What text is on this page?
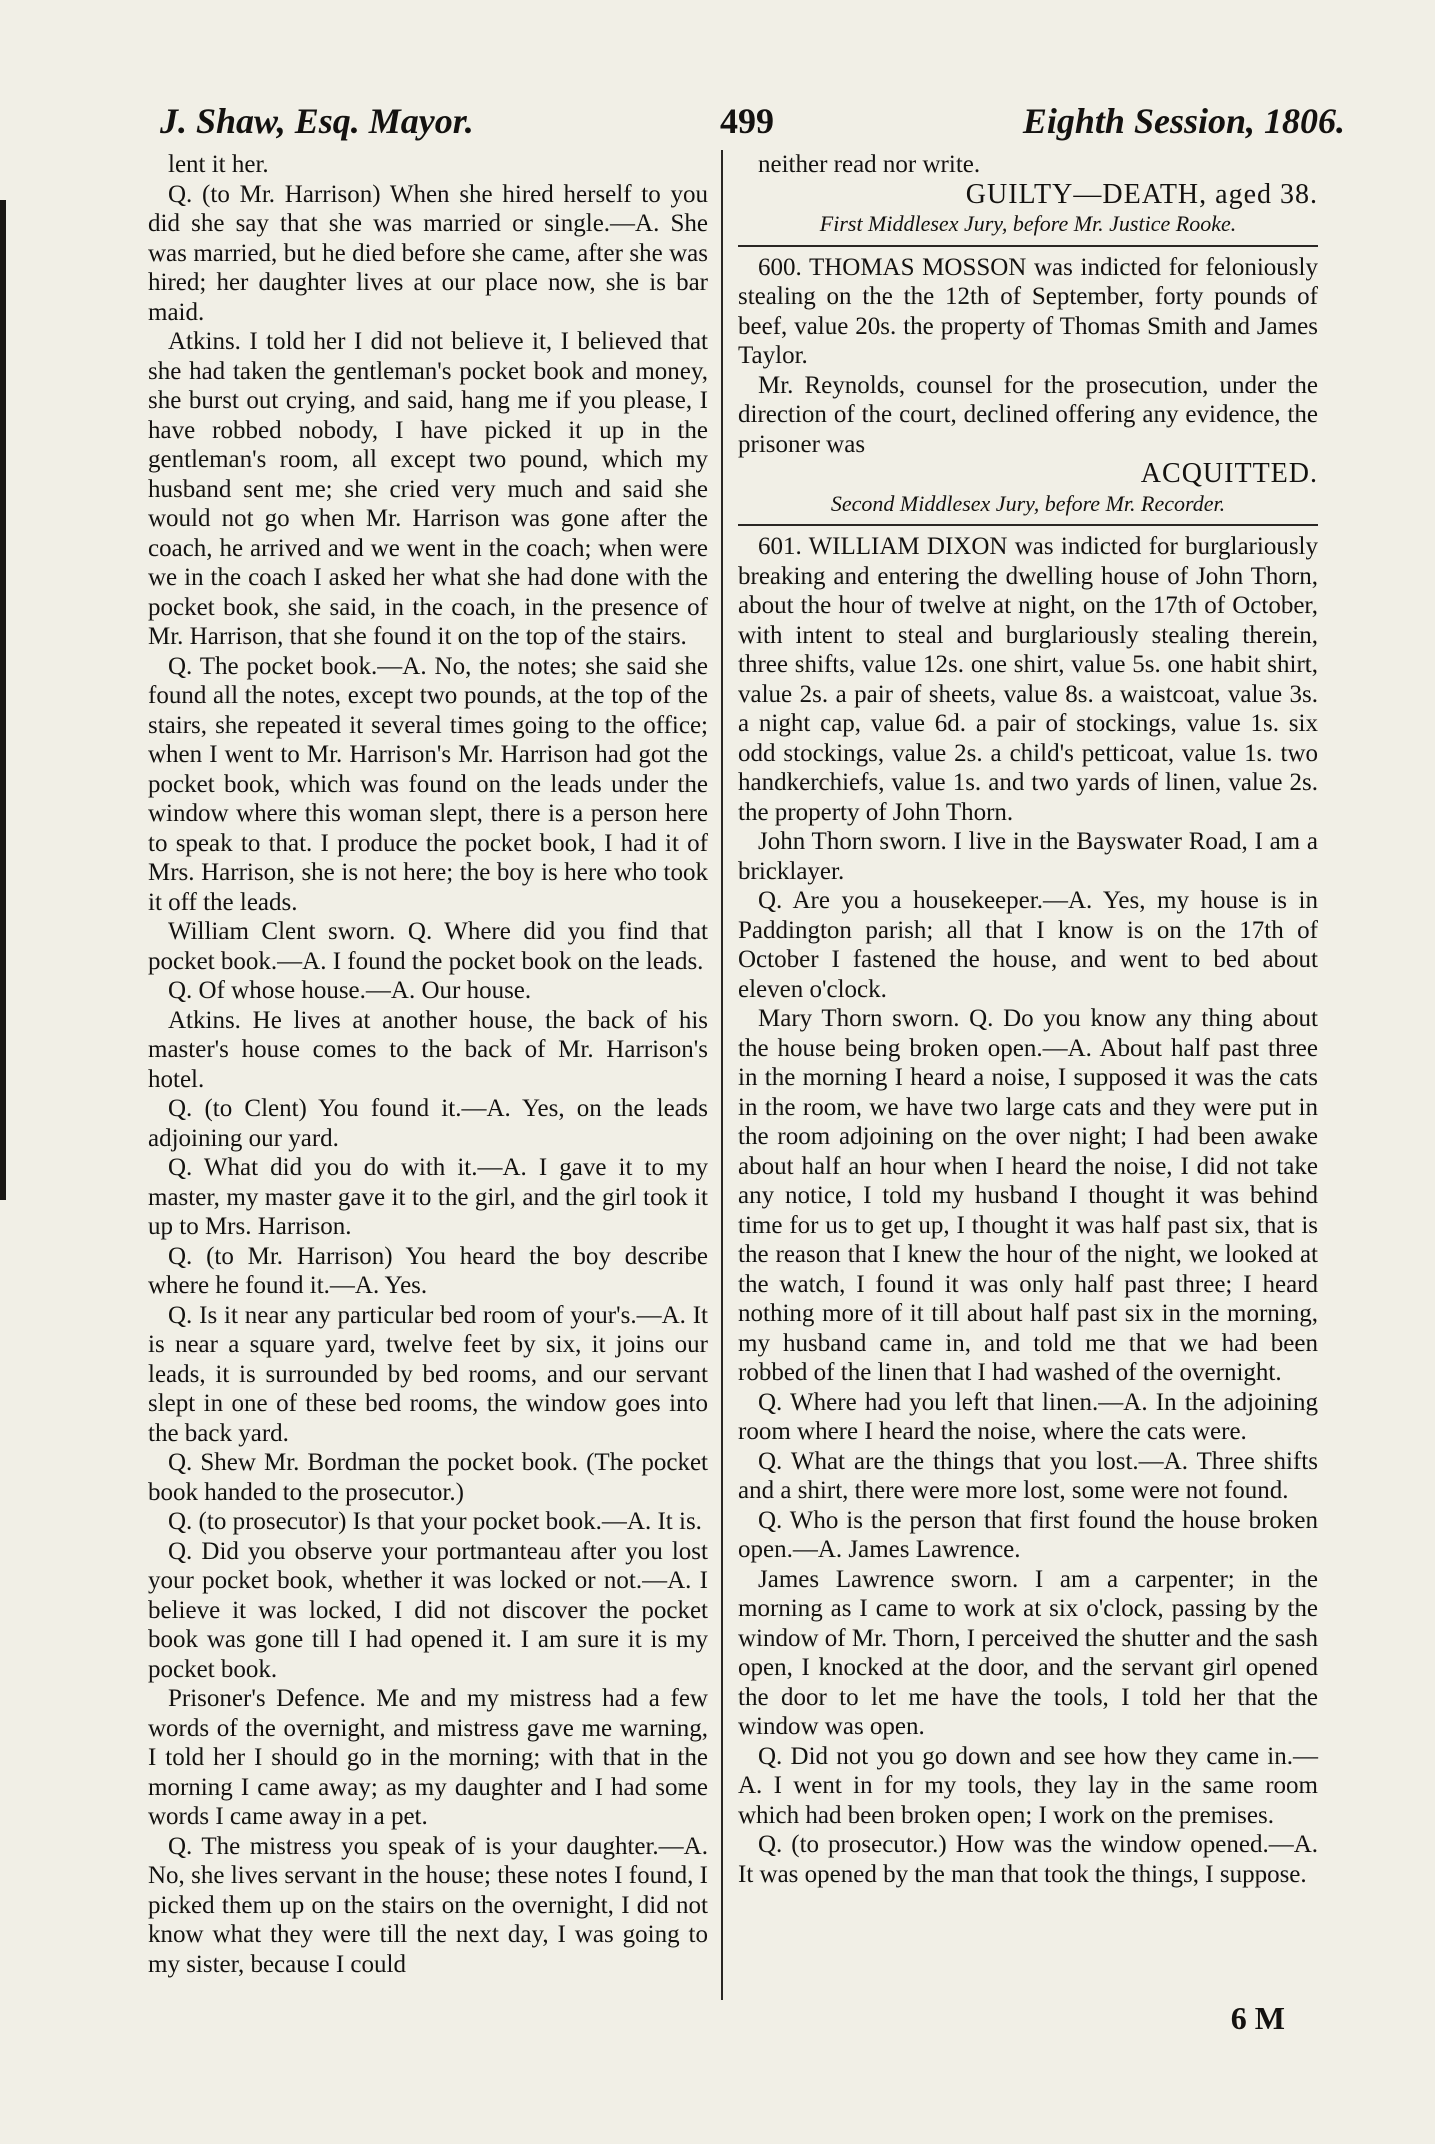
J. Shaw, Esq. Mayor.	499	Eighth Session, 1806.

lent it her.

Q. (to Mr. Harrison) When she hired herself to you did she say that she was married or single.—A. She was married, but he died before she came, after she was hired; her daughter lives at our place now, she is bar maid.

Atkins. I told her I did not believe it, I believed that she had taken the gentleman's pocket book and money, she burst out crying, and said, hang me if you please, I have robbed nobody, I have picked it up in the gentleman's room, all except two pound, which my husband sent me; she cried very much and said she would not go when Mr. Harrison was gone after the coach, he arrived and we went in the coach; when were we in the coach I asked her what she had done with the pocket book, she said, in the coach, in the presence of Mr. Harrison, that she found it on the top of the stairs.

Q. The pocket book.—A. No, the notes; she said she found all the notes, except two pounds, at the top of the stairs, she repeated it several times going to the office; when I went to Mr. Harrison's Mr. Harrison had got the pocket book, which was found on the leads under the window where this woman slept, there is a person here to speak to that. I produce the pocket book, I had it of Mrs. Harrison, she is not here; the boy is here who took it off the leads.

William Clent sworn. Q. Where did you find that pocket book.—A. I found the pocket book on the leads.

Q. Of whose house.—A. Our house.

Atkins. He lives at another house, the back of his master's house comes to the back of Mr. Harrison's hotel.

Q. (to Clent) You found it.—A. Yes, on the leads adjoining our yard.

Q. What did you do with it.—A. I gave it to my master, my master gave it to the girl, and the girl took it up to Mrs. Harrison.

Q. (to Mr. Harrison) You heard the boy describe where he found it.—A. Yes.

Q. Is it near any particular bed room of your's.—A. It is near a square yard, twelve feet by six, it joins our leads, it is surrounded by bed rooms, and our servant slept in one of these bed rooms, the window goes into the back yard.

Q. Shew Mr. Bordman the pocket book. (The pocket book handed to the prosecutor.)

Q. (to prosecutor) Is that your pocket book.—A. It is.

Q. Did you observe your portmanteau after you lost your pocket book, whether it was locked or not.—A. I believe it was locked, I did not discover the pocket book was gone till I had opened it. I am sure it is my pocket book.

Prisoner's Defence. Me and my mistress had a few words of the overnight, and mistress gave me warning, I told her I should go in the morning; with that in the morning I came away; as my daughter and I had some words I came away in a pet.

Q. The mistress you speak of is your daughter.—A. No, she lives servant in the house; these notes I found, I picked them up on the stairs on the overnight, I did not know what they were till the next day, I was going to my sister, because I could

neither read nor write.

GUILTY—DEATH, aged 38.

First Middlesex Jury, before Mr. Justice Rooke.

600. THOMAS MOSSON was indicted for feloniously stealing on the the 12th of September, forty pounds of beef, value 20s. the property of Thomas Smith and James Taylor.

Mr. Reynolds, counsel for the prosecution, under the direction of the court, declined offering any evidence, the prisoner was

ACQUITTED.

Second Middlesex Jury, before Mr. Recorder.

601. WILLIAM DIXON was indicted for burglariously breaking and entering the dwelling house of John Thorn, about the hour of twelve at night, on the 17th of October, with intent to steal and burglariously stealing therein, three shifts, value 12s. one shirt, value 5s. one habit shirt, value 2s. a pair of sheets, value 8s. a waistcoat, value 3s. a night cap, value 6d. a pair of stockings, value 1s. six odd stockings, value 2s. a child's petticoat, value 1s. two handkerchiefs, value 1s. and two yards of linen, value 2s. the property of John Thorn.

John Thorn sworn. I live in the Bayswater Road, I am a bricklayer.

Q. Are you a housekeeper.—A. Yes, my house is in Paddington parish; all that I know is on the 17th of October I fastened the house, and went to bed about eleven o'clock.

Mary Thorn sworn. Q. Do you know any thing about the house being broken open.—A. About half past three in the morning I heard a noise, I supposed it was the cats in the room, we have two large cats and they were put in the room adjoining on the over night; I had been awake about half an hour when I heard the noise, I did not take any notice, I told my husband I thought it was behind time for us to get up, I thought it was half past six, that is the reason that I knew the hour of the night, we looked at the watch, I found it was only half past three; I heard nothing more of it till about half past six in the morning, my husband came in, and told me that we had been robbed of the linen that I had washed of the overnight.

Q. Where had you left that linen.—A. In the adjoining room where I heard the noise, where the cats were.

Q. What are the things that you lost.—A. Three shifts and a shirt, there were more lost, some were not found.

Q. Who is the person that first found the house broken open.—A. James Lawrence.

James Lawrence sworn. I am a carpenter; in the morning as I came to work at six o'clock, passing by the window of Mr. Thorn, I perceived the shutter and the sash open, I knocked at the door, and the servant girl opened the door to let me have the tools, I told her that the window was open.

Q. Did not you go down and see how they came in.—A. I went in for my tools, they lay in the same room which had been broken open; I work on the premises.

Q. (to prosecutor.) How was the window opened.—A. It was opened by the man that took the things, I suppose.

6 M
